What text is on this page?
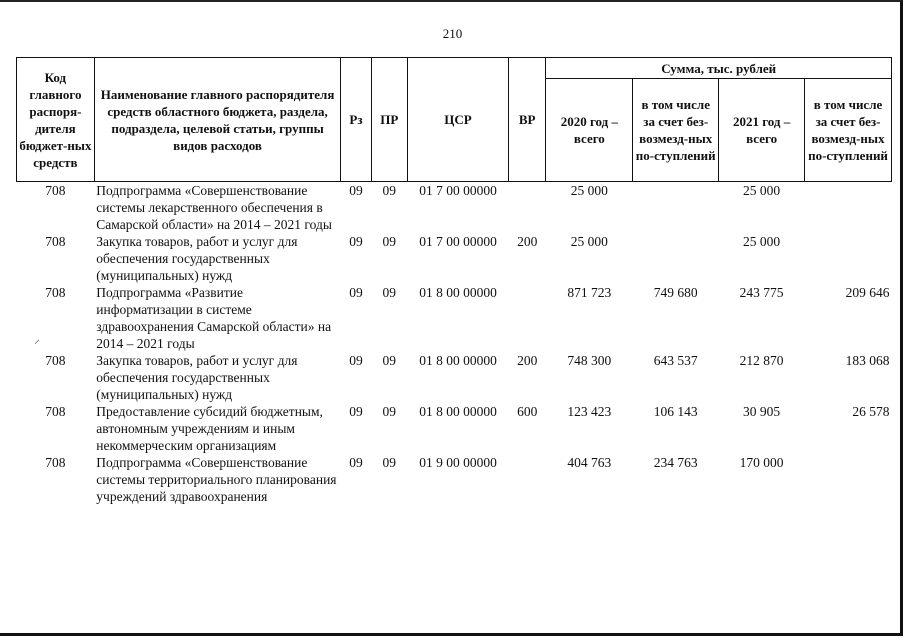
210
⸝
Код главного распоря-дителя бюджет-ных средств	Наименование главного распорядителя средств областного бюджета, раздела, подраздела, целевой статьи, группы видов расходов	Рз	ПР	ЦСР	ВР	Сумма, тыс. рублей			
						2020 год – всего	в том числе за счет без-возмезд-ных по-ступлений	2021 год – всего	в том числе за счет без-возмезд-ных по-ступлений
708	Подпрограмма «Совершенствование системы лекарственного обеспечения в Самарской области» на 2014 – 2021 годы	09	09	01 7 00 00000		25 000		25 000	
708	Закупка товаров, работ и услуг для обеспечения государственных (муниципальных) нужд	09	09	01 7 00 00000	200	25 000		25 000	
708	Подпрограмма «Развитие информатизации в системе здравоохранения Самарской области» на 2014 – 2021 годы	09	09	01 8 00 00000		871 723	749 680	243 775	209 646
708	Закупка товаров, работ и услуг для обеспечения государственных (муниципальных) нужд	09	09	01 8 00 00000	200	748 300	643 537	212 870	183 068
708	Предоставление субсидий бюджетным, автономным учреждениям и иным некоммерческим организациям	09	09	01 8 00 00000	600	123 423	106 143	30 905	26 578
708	Подпрограмма «Совершенствование системы территориального планирования учреждений здравоохранения	09	09	01 9 00 00000		404 763	234 763	170 000	
